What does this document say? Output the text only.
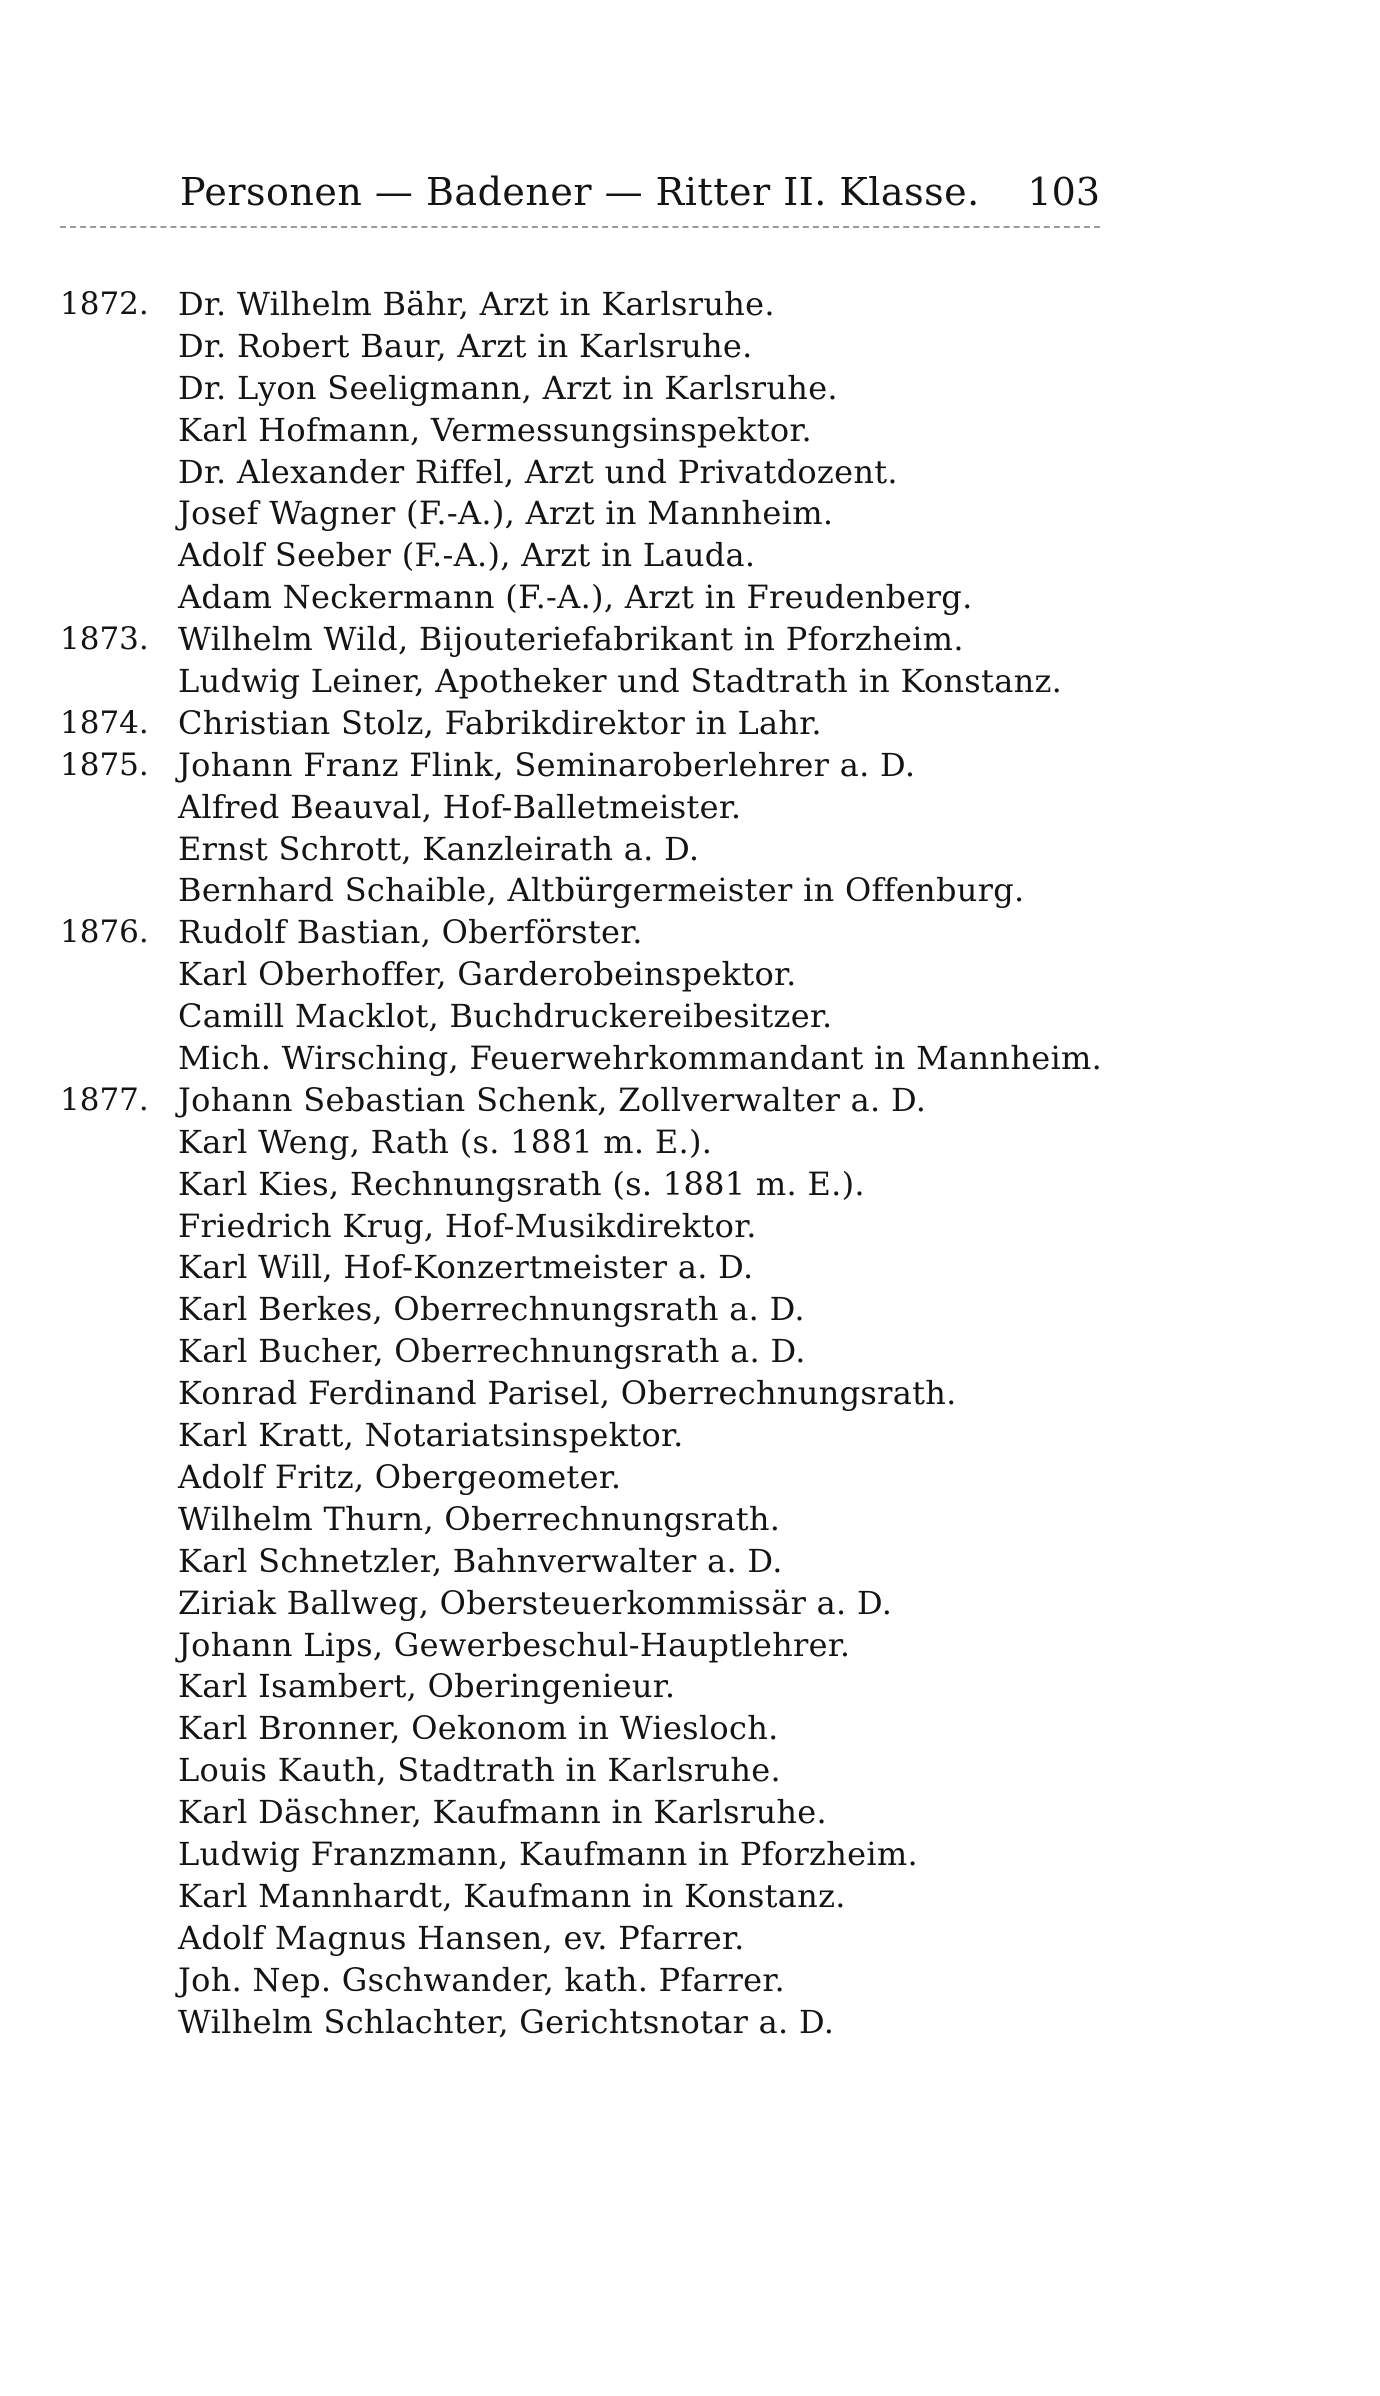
Personen — Badener — Ritter II. Klasse. 103
1872. Dr. Wilhelm Bähr, Arzt in Karlsruhe.
Dr. Robert Baur, Arzt in Karlsruhe.
Dr. Lyon Seeligmann, Arzt in Karlsruhe.
Karl Hofmann, Vermessungsinspektor.
Dr. Alexander Riffel, Arzt und Privatdozent.
Josef Wagner (F.-A.), Arzt in Mannheim.
Adolf Seeber (F.-A.), Arzt in Lauda.
Adam Neckermann (F.-A.), Arzt in Freudenberg.
1873. Wilhelm Wild, Bijouteriefabrikant in Pforzheim.
Ludwig Leiner, Apotheker und Stadtrath in Konstanz.
1874. Christian Stolz, Fabrikdirektor in Lahr.
1875. Johann Franz Flink, Seminaroberlehrer a. D.
Alfred Beauval, Hof-Balletmeister.
Ernst Schrott, Kanzleirath a. D.
Bernhard Schaible, Altbürgermeister in Offenburg.
1876. Rudolf Bastian, Oberförster.
Karl Oberhoffer, Garderobeinspektor.
Camill Macklot, Buchdruckereibesitzer.
Mich. Wirsching, Feuerwehrkommandant in Mannheim.
1877. Johann Sebastian Schenk, Zollverwalter a. D.
Karl Weng, Rath (s. 1881 m. E.).
Karl Kies, Rechnungsrath (s. 1881 m. E.).
Friedrich Krug, Hof-Musikdirektor.
Karl Will, Hof-Konzertmeister a. D.
Karl Berkes, Oberrechnungsrath a. D.
Karl Bucher, Oberrechnungsrath a. D.
Konrad Ferdinand Parisel, Oberrechnungsrath.
Karl Kratt, Notariatsinspektor.
Adolf Fritz, Obergeometer.
Wilhelm Thurn, Oberrechnungsrath.
Karl Schnetzler, Bahnverwalter a. D.
Ziriak Ballweg, Obersteuerkommissär a. D.
Johann Lips, Gewerbeschul-Hauptlehrer.
Karl Isambert, Oberingenieur.
Karl Bronner, Oekonom in Wiesloch.
Louis Kauth, Stadtrath in Karlsruhe.
Karl Däschner, Kaufmann in Karlsruhe.
Ludwig Franzmann, Kaufmann in Pforzheim.
Karl Mannhardt, Kaufmann in Konstanz.
Adolf Magnus Hansen, ev. Pfarrer.
Joh. Nep. Gschwander, kath. Pfarrer.
Wilhelm Schlachter, Gerichtsnotar a. D.
